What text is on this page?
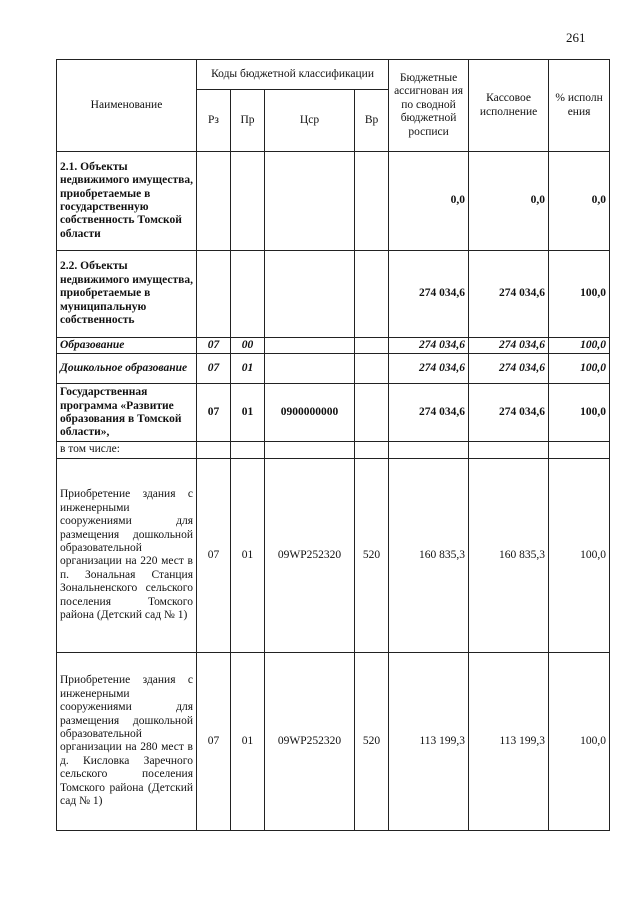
261
Наименование	Коды бюджетной классификации				Бюджетные ассигнован ия по сводной бюджетной росписи	Кассовое исполнение	% исполн ения
	Рз	Пр	Цср	Вр			
2.1. Объекты недвижимого имущества, приобретаемые в государственную собственность Томской области					0,0	0,0	0,0
2.2. Объекты недвижимого имущества, приобретаемые в муниципальную собственность					274 034,6	274 034,6	100,0
Образование	07	00			274 034,6	274 034,6	100,0
Дошкольное образование	07	01			274 034,6	274 034,6	100,0
Государственная программа «Развитие образования в Томской области»,	07	01	0900000000		274 034,6	274 034,6	100,0
в том числе:							
Приобретение здания с инженерными сооружениями для размещения дошкольной образовательной организации на 220 мест в п. Зональная Станция Зональненского сельского поселения Томского района (Детский сад № 1)	07	01	09WP252320	520	160 835,3	160 835,3	100,0
Приобретение здания с инженерными сооружениями для размещения дошкольной образовательной организации на 280 мест в д. Кисловка Заречного сельского поселения Томского района (Детский сад № 1)	07	01	09WP252320	520	113 199,3	113 199,3	100,0
